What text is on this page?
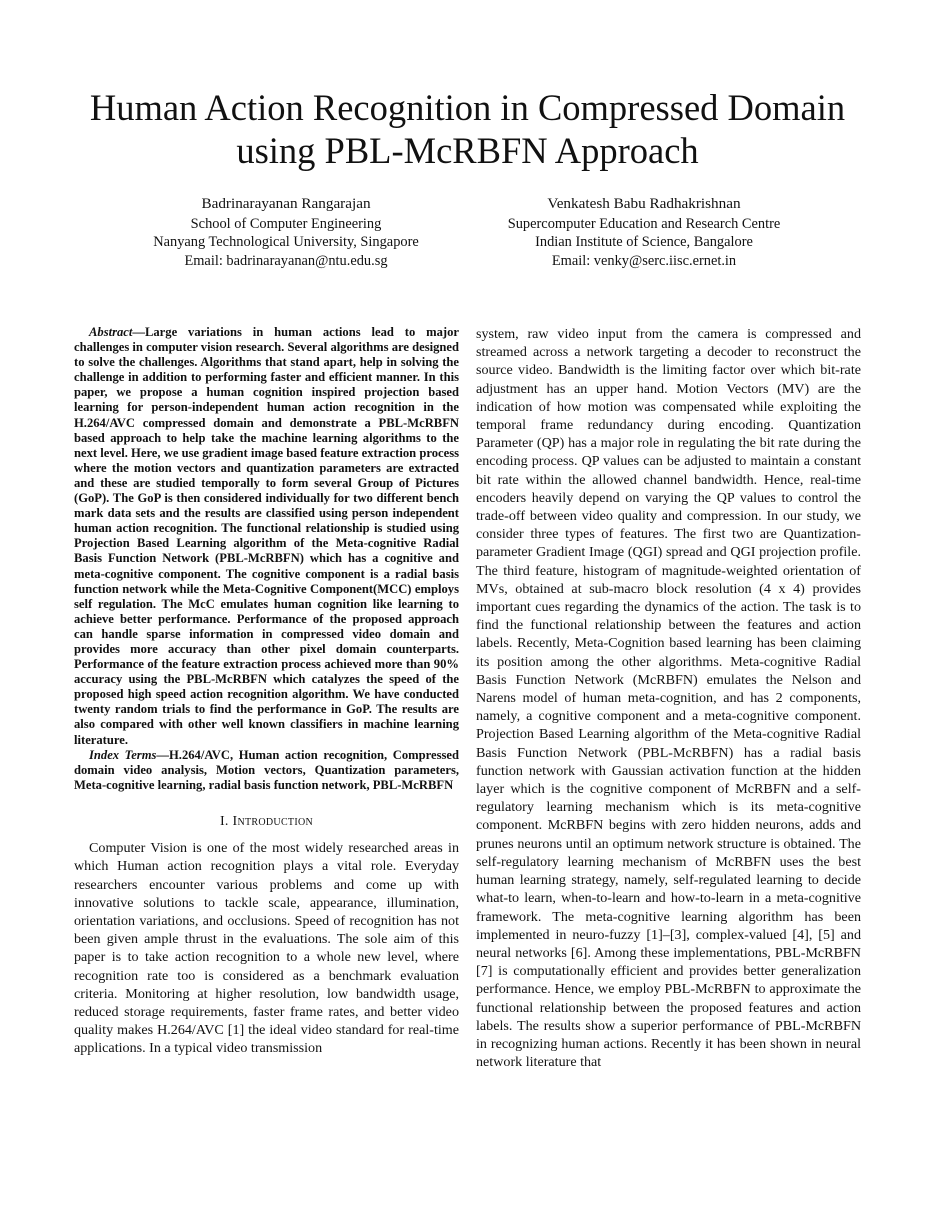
Human Action Recognition in Compressed Domain using PBL-McRBFN Approach
Badrinarayanan Rangarajan
School of Computer Engineering
Nanyang Technological University, Singapore
Email: badrinarayanan@ntu.edu.sg
Venkatesh Babu Radhakrishnan
Supercomputer Education and Research Centre
Indian Institute of Science, Bangalore
Email: venky@serc.iisc.ernet.in

Abstract—Large variations in human actions lead to major challenges in computer vision research. Several algorithms are designed to solve the challenges. Algorithms that stand apart, help in solving the challenge in addition to performing faster and efficient manner. In this paper, we propose a human cognition inspired projection based learning for person-independent human action recognition in the H.264/AVC compressed domain and demonstrate a PBL-McRBFN based approach to help take the machine learning algorithms to the next level. Here, we use gradient image based feature extraction process where the motion vectors and quantization parameters are extracted and these are studied temporally to form several Group of Pictures (GoP). The GoP is then considered individually for two different bench mark data sets and the results are classified using person independent human action recognition. The functional relationship is studied using Projection Based Learning algorithm of the Meta-cognitive Radial Basis Function Network (PBL-McRBFN) which has a cognitive and meta-cognitive component. The cognitive component is a radial basis function network while the Meta-Cognitive Component(MCC) employs self regulation. The McC emulates human cognition like learning to achieve better performance. Performance of the proposed approach can handle sparse information in compressed video domain and provides more accuracy than other pixel domain counterparts. Performance of the feature extraction process achieved more than 90% accuracy using the PBL-McRBFN which catalyzes the speed of the proposed high speed action recognition algorithm. We have conducted twenty random trials to find the performance in GoP. The results are also compared with other well known classifiers in machine learning literature.

Index Terms—H.264/AVC, Human action recognition, Compressed domain video analysis, Motion vectors, Quantization parameters, Meta-cognitive learning, radial basis function network, PBL-McRBFN

I. Introduction

Computer Vision is one of the most widely researched areas in which Human action recognition plays a vital role. Everyday researchers encounter various problems and come up with innovative solutions to tackle scale, appearance, illumination, orientation variations, and occlusions. Speed of recognition has not been given ample thrust in the evaluations. The sole aim of this paper is to take action recognition to a whole new level, where recognition rate too is considered as a benchmark evaluation criteria. Monitoring at higher resolution, low bandwidth usage, reduced storage requirements, faster frame rates, and better video quality makes H.264/AVC [1] the ideal video standard for real-time applications. In a typical video transmission

system, raw video input from the camera is compressed and streamed across a network targeting a decoder to reconstruct the source video. Bandwidth is the limiting factor over which bit-rate adjustment has an upper hand. Motion Vectors (MV) are the indication of how motion was compensated while exploiting the temporal frame redundancy during encoding. Quantization Parameter (QP) has a major role in regulating the bit rate during the encoding process. QP values can be adjusted to maintain a constant bit rate within the allowed channel bandwidth. Hence, real-time encoders heavily depend on varying the QP values to control the trade-off between video quality and compression. In our study, we consider three types of features. The first two are Quantization-parameter Gradient Image (QGI) spread and QGI projection profile. The third feature, histogram of magnitude-weighted orientation of MVs, obtained at sub-macro block resolution (4 x 4) provides important cues regarding the dynamics of the action. The task is to find the functional relationship between the features and action labels. Recently, Meta-Cognition based learning has been claiming its position among the other algorithms. Meta-cognitive Radial Basis Function Network (McRBFN) emulates the Nelson and Narens model of human meta-cognition, and has 2 components, namely, a cognitive component and a meta-cognitive component. Projection Based Learning algorithm of the Meta-cognitive Radial Basis Function Network (PBL-McRBFN) has a radial basis function network with Gaussian activation function at the hidden layer which is the cognitive component of McRBFN and a self-regulatory learning mechanism which is its meta-cognitive component. McRBFN begins with zero hidden neurons, adds and prunes neurons until an optimum network structure is obtained. The self-regulatory learning mechanism of McRBFN uses the best human learning strategy, namely, self-regulated learning to decide what-to learn, when-to-learn and how-to-learn in a meta-cognitive framework. The meta-cognitive learning algorithm has been implemented in neuro-fuzzy [1]–[3], complex-valued [4], [5] and neural networks [6]. Among these implementations, PBL-McRBFN [7] is computationally efficient and provides better generalization performance. Hence, we employ PBL-McRBFN to approximate the functional relationship between the proposed features and action labels. The results show a superior performance of PBL-McRBFN in recognizing human actions. Recently it has been shown in neural network literature that
